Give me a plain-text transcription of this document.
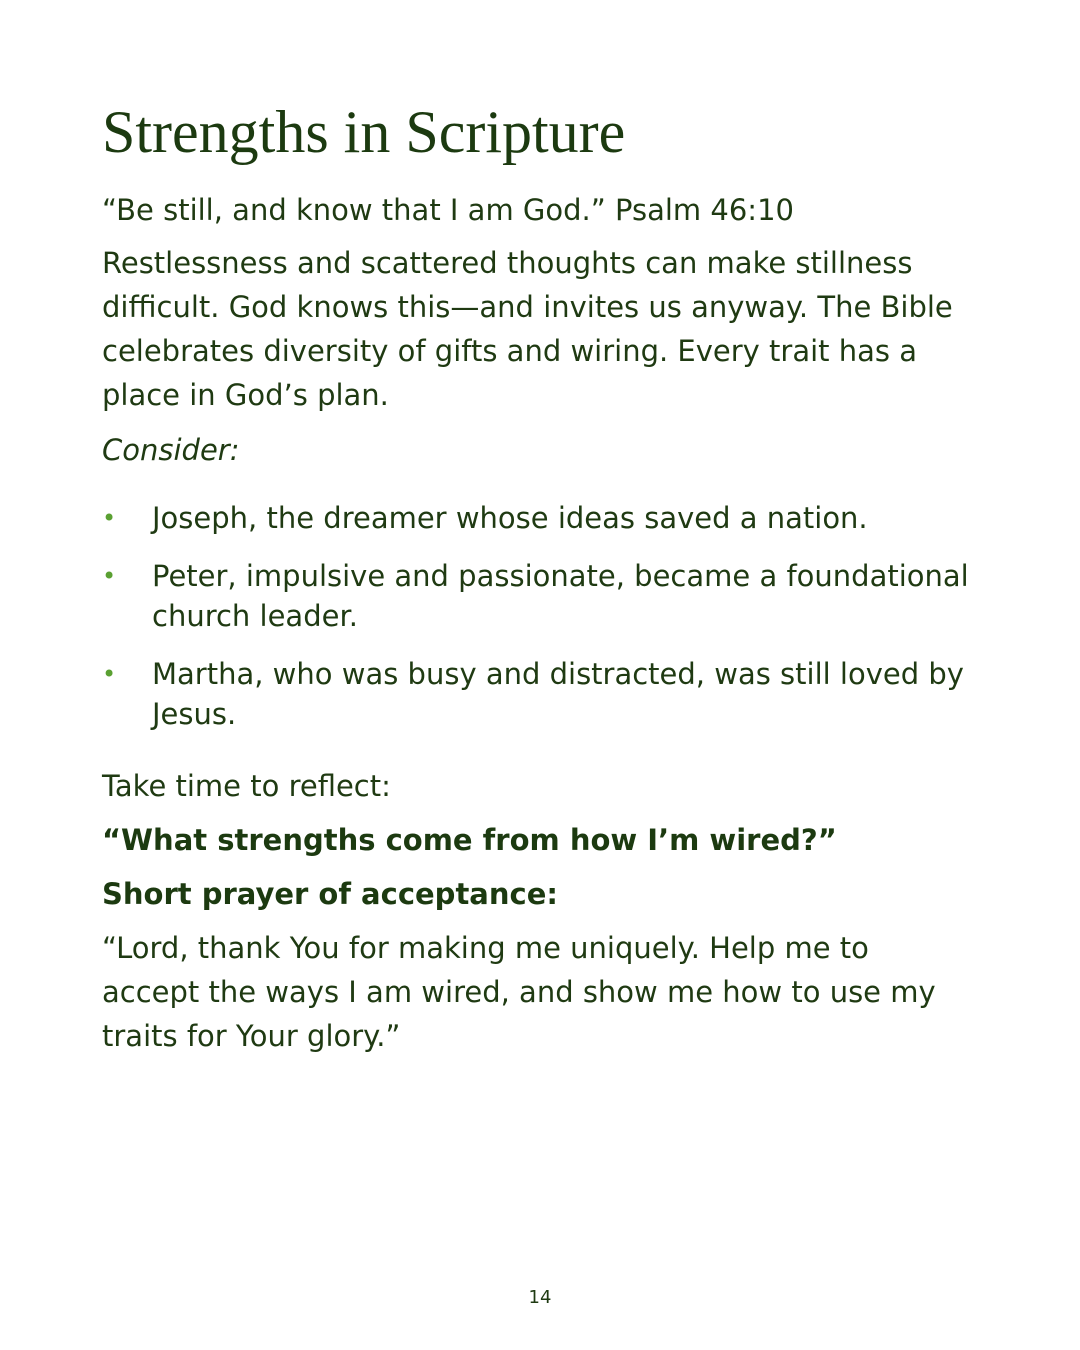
Strengths in Scripture

“Be still, and know that I am God.” Psalm 46:10

Restlessness and scattered thoughts can make stillness difficult. God knows this—and invites us anyway. The Bible celebrates diversity of gifts and wiring. Every trait has a place in God’s plan.

Consider:

• Joseph, the dreamer whose ideas saved a nation.
• Peter, impulsive and passionate, became a foundational church leader.
• Martha, who was busy and distracted, was still loved by Jesus.

Take time to reflect:

“What strengths come from how I’m wired?”

Short prayer of acceptance:

“Lord, thank You for making me uniquely. Help me to accept the ways I am wired, and show me how to use my traits for Your glory.”

14
